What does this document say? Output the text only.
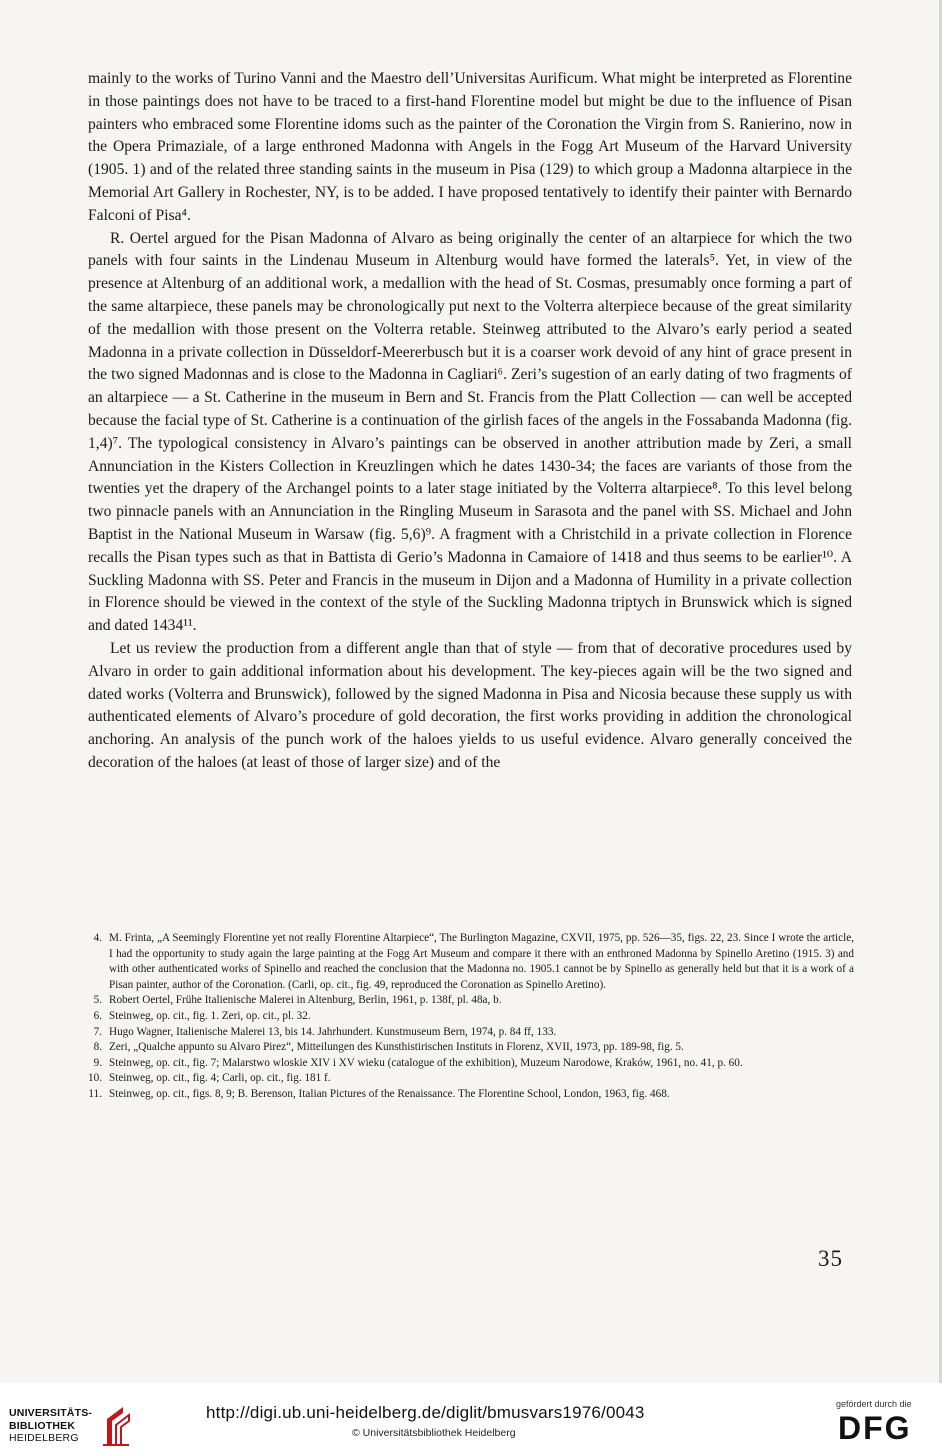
mainly to the works of Turino Vanni and the Maestro dell’Universitas Aurificum. What might be interpreted as Florentine in those paintings does not have to be traced to a first-hand Florentine model but might be due to the influence of Pisan painters who embraced some Florentine idoms such as the painter of the Coronation the Virgin from S. Ranierino, now in the Opera Primaziale, of a large enthroned Madonna with Angels in the Fogg Art Museum of the Harvard University (1905. 1) and of the related three standing saints in the museum in Pisa (129) to which group a Madonna altarpiece in the Memorial Art Gallery in Rochester, NY, is to be added. I have proposed tentatively to identify their painter with Bernardo Falconi of Pisa⁴.

R. Oertel argued for the Pisan Madonna of Alvaro as being originally the center of an altarpiece for which the two panels with four saints in the Lindenau Museum in Altenburg would have formed the laterals⁵. Yet, in view of the presence at Altenburg of an additional work, a medallion with the head of St. Cosmas, presumably once forming a part of the same altarpiece, these panels may be chronologically put next to the Volterra alterpiece because of the great similarity of the medallion with those present on the Volterra retable. Steinweg attributed to the Alvaro’s early period a seated Madonna in a private collection in Düsseldorf-Meererbusch but it is a coarser work devoid of any hint of grace present in the two signed Madonnas and is close to the Madonna in Cagliari⁶. Zeri’s sugestion of an early dating of two fragments of an altarpiece — a St. Catherine in the museum in Bern and St. Francis from the Platt Collection — can well be accepted because the facial type of St. Catherine is a continuation of the girlish faces of the angels in the Fossabanda Madonna (fig. 1,4)⁷. The typological consistency in Alvaro’s paintings can be observed in another attribution made by Zeri, a small Annunciation in the Kisters Collection in Kreuzlingen which he dates 1430-34; the faces are variants of those from the twenties yet the drapery of the Archangel points to a later stage initiated by the Volterra altarpiece⁸. To this level belong two pinnacle panels with an Annunciation in the Ringling Museum in Sarasota and the panel with SS. Michael and John Baptist in the National Museum in Warsaw (fig. 5,6)⁹. A fragment with a Christchild in a private collection in Florence recalls the Pisan types such as that in Battista di Gerio’s Madonna in Camaiore of 1418 and thus seems to be earlier¹⁰. A Suckling Madonna with SS. Peter and Francis in the museum in Dijon and a Madonna of Humility in a private collection in Florence should be viewed in the context of the style of the Suckling Madonna triptych in Brunswick which is signed and dated 1434¹¹.

Let us review the production from a different angle than that of style — from that of decorative procedures used by Alvaro in order to gain additional information about his development. The key-pieces again will be the two signed and dated works (Volterra and Brunswick), followed by the signed Madonna in Pisa and Nicosia because these supply us with authenticated elements of Alvaro’s procedure of gold decoration, the first works providing in addition the chronological anchoring. An analysis of the punch work of the haloes yields to us useful evidence. Alvaro generally conceived the decoration of the haloes (at least of those of larger size) and of the

4. M. Frinta, „A Seemingly Florentine yet not really Florentine Altarpiece“, The Burlington Magazine, CXVII, 1975, pp. 526—35, figs. 22, 23. Since I wrote the article, I had the opportunity to study again the large painting at the Fogg Art Museum and compare it there with an enthroned Madonna by Spinello Aretino (1915. 3) and with other authenticated works of Spinello and reached the conclusion that the Madonna no. 1905.1 cannot be by Spinello as generally held but that it is a work of a Pisan painter, author of the Coronation. (Carli, op. cit., fig. 49, reproduced the Coronation as Spinello Aretino).
5. Robert Oertel, Frühe Italienische Malerei in Altenburg, Berlin, 1961, p. 138f, pl. 48a, b.
6. Steinweg, op. cit., fig. 1. Zeri, op. cit., pl. 32.
7. Hugo Wagner, Italienische Malerei 13, bis 14. Jahrhundert. Kunstmuseum Bern, 1974, p. 84 ff, 133.
8. Zeri, „Qualche appunto su Alvaro Pirez“, Mitteilungen des Kunsthistirischen Instituts in Florenz, XVII, 1973, pp. 189-98, fig. 5.
9. Steinweg, op. cit., fig. 7; Malarstwo wloskie XIV i XV wieku (catalogue of the exhibition), Muzeum Narodowe, Kraków, 1961, no. 41, p. 60.
10. Steinweg, op. cit., fig. 4; Carli, op. cit., fig. 181 f.
11. Steinweg, op. cit., figs. 8, 9; B. Berenson, Italian Pictures of the Renaissance. The Florentine School, London, 1963, fig. 468.
35
UNIVERSITÄTS-
BIBLIOTHEK
HEIDELBERG
http://digi.ub.uni-heidelberg.de/diglit/bmusvars1976/0043
© Universitätsbibliothek Heidelberg
gefördert durch die
DFG
